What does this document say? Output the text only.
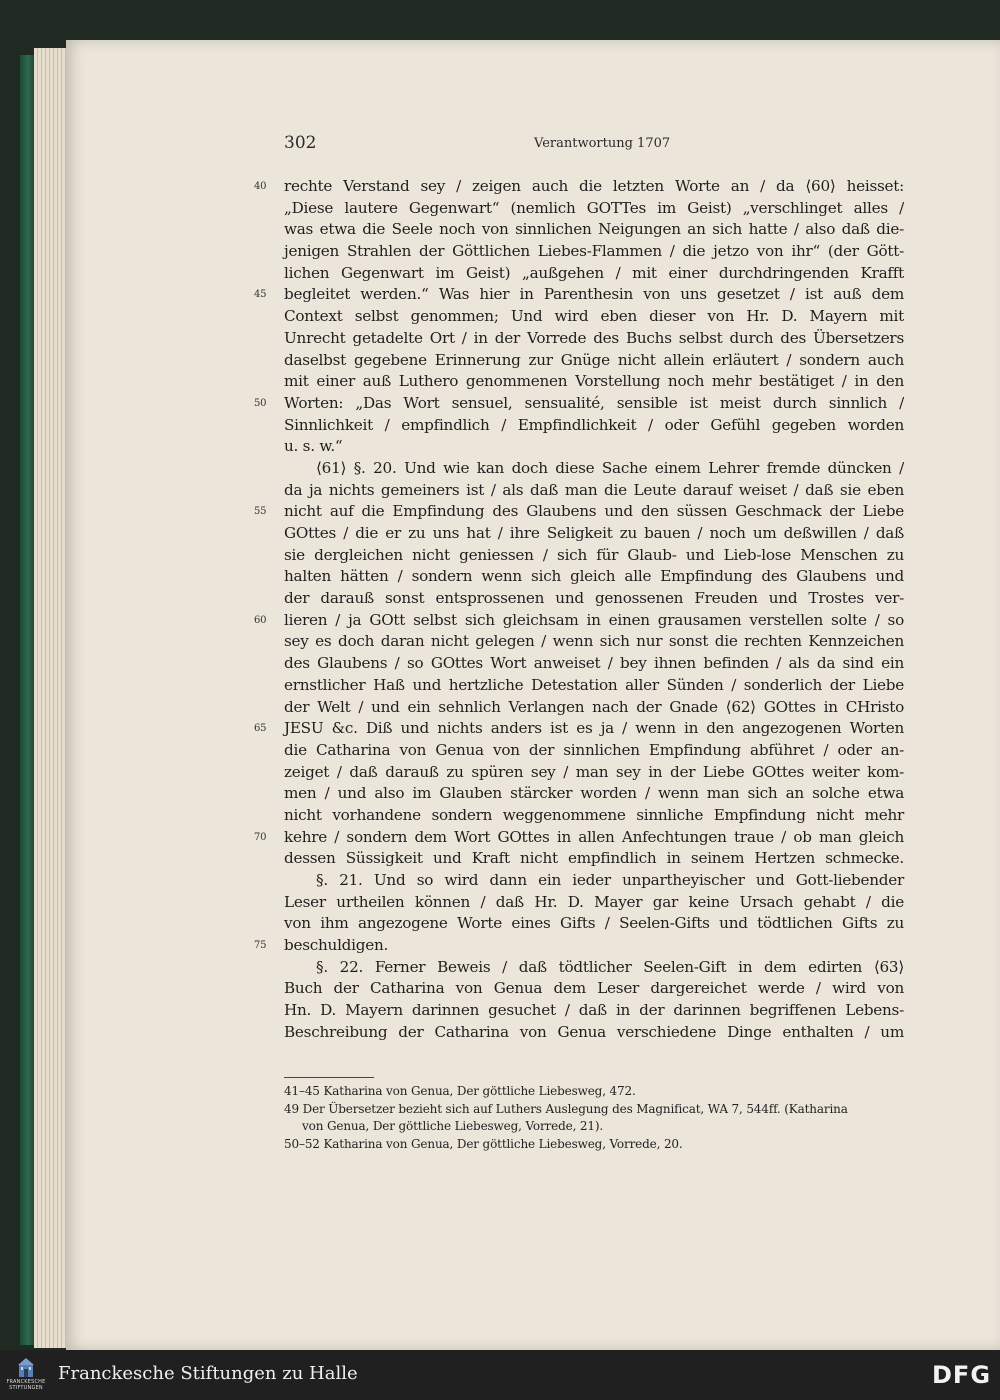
302	Verantwortung 1707
40 rechte Verstand sey / zeigen auch die letzten Worte an / da ⟨60⟩ heisset:
„Diese lautere Gegenwart“ (nemlich GOTTes im Geist) „verschlinget alles /
was etwa die Seele noch von sinnlichen Neigungen an sich hatte / also daß die-
jenigen Strahlen der Göttlichen Liebes-Flammen / die jetzo von ihr“ (der Gött-
lichen Gegenwart im Geist) „außgehen / mit einer durchdringenden Krafft
45 begleitet werden.“ Was hier in Parenthesin von uns gesetzet / ist auß dem
Context selbst genommen; Und wird eben dieser von Hr. D. Mayern mit
Unrecht getadelte Ort / in der Vorrede des Buchs selbst durch des Übersetzers
daselbst gegebene Erinnerung zur Gnüge nicht allein erläutert / sondern auch
mit einer auß Luthero genommenen Vorstellung noch mehr bestätiget / in den
50 Worten: „Das Wort sensuel, sensualité, sensible ist meist durch sinnlich /
Sinnlichkeit / empfindlich / Empfindlichkeit / oder Gefühl gegeben worden
u. s. w.“
⟨61⟩ §. 20. Und wie kan doch diese Sache einem Lehrer fremde düncken /
da ja nichts gemeiners ist / als daß man die Leute darauf weiset / daß sie eben
55 nicht auf die Empfindung des Glaubens und den süssen Geschmack der Liebe
GOttes / die er zu uns hat / ihre Seligkeit zu bauen / noch um deßwillen / daß
sie dergleichen nicht geniessen / sich für Glaub- und Lieb-lose Menschen zu
halten hätten / sondern wenn sich gleich alle Empfindung des Glaubens und
der darauß sonst entsprossenen und genossenen Freuden und Trostes ver-
60 lieren / ja GOtt selbst sich gleichsam in einen grausamen verstellen solte / so
sey es doch daran nicht gelegen / wenn sich nur sonst die rechten Kennzeichen
des Glaubens / so GOttes Wort anweiset / bey ihnen befinden / als da sind ein
ernstlicher Haß und hertzliche Detestation aller Sünden / sonderlich der Liebe
der Welt / und ein sehnlich Verlangen nach der Gnade ⟨62⟩ GOttes in CHristo
65 JESU &c. Diß und nichts anders ist es ja / wenn in den angezogenen Worten
die Catharina von Genua von der sinnlichen Empfindung abführet / oder an-
zeiget / daß darauß zu spüren sey / man sey in der Liebe GOttes weiter kom-
men / und also im Glauben stärcker worden / wenn man sich an solche etwa
nicht vorhandene sondern weggenommene sinnliche Empfindung nicht mehr
70 kehre / sondern dem Wort GOttes in allen Anfechtungen traue / ob man gleich
dessen Süssigkeit und Kraft nicht empfindlich in seinem Hertzen schmecke.
§. 21. Und so wird dann ein ieder unpartheyischer und Gott-liebender
Leser urtheilen können / daß Hr. D. Mayer gar keine Ursach gehabt / die
von ihm angezogene Worte eines Gifts / Seelen-Gifts und tödtlichen Gifts zu
75 beschuldigen.
§. 22. Ferner Beweis / daß tödtlicher Seelen-Gift in dem edirten ⟨63⟩
Buch der Catharina von Genua dem Leser dargereichet werde / wird von
Hn. D. Mayern darinnen gesuchet / daß in der darinnen begriffenen Lebens-
Beschreibung der Catharina von Genua verschiedene Dinge enthalten / um
41–45 Katharina von Genua, Der göttliche Liebesweg, 472.
49 Der Übersetzer bezieht sich auf Luthers Auslegung des Magnificat, WA 7, 544ff. (Katharina
von Genua, Der göttliche Liebesweg, Vorrede, 21).
50–52 Katharina von Genua, Der göttliche Liebesweg, Vorrede, 20.
FRANCKESCHE
STIFTUNGEN
Franckesche Stiftungen zu Halle	DFG
